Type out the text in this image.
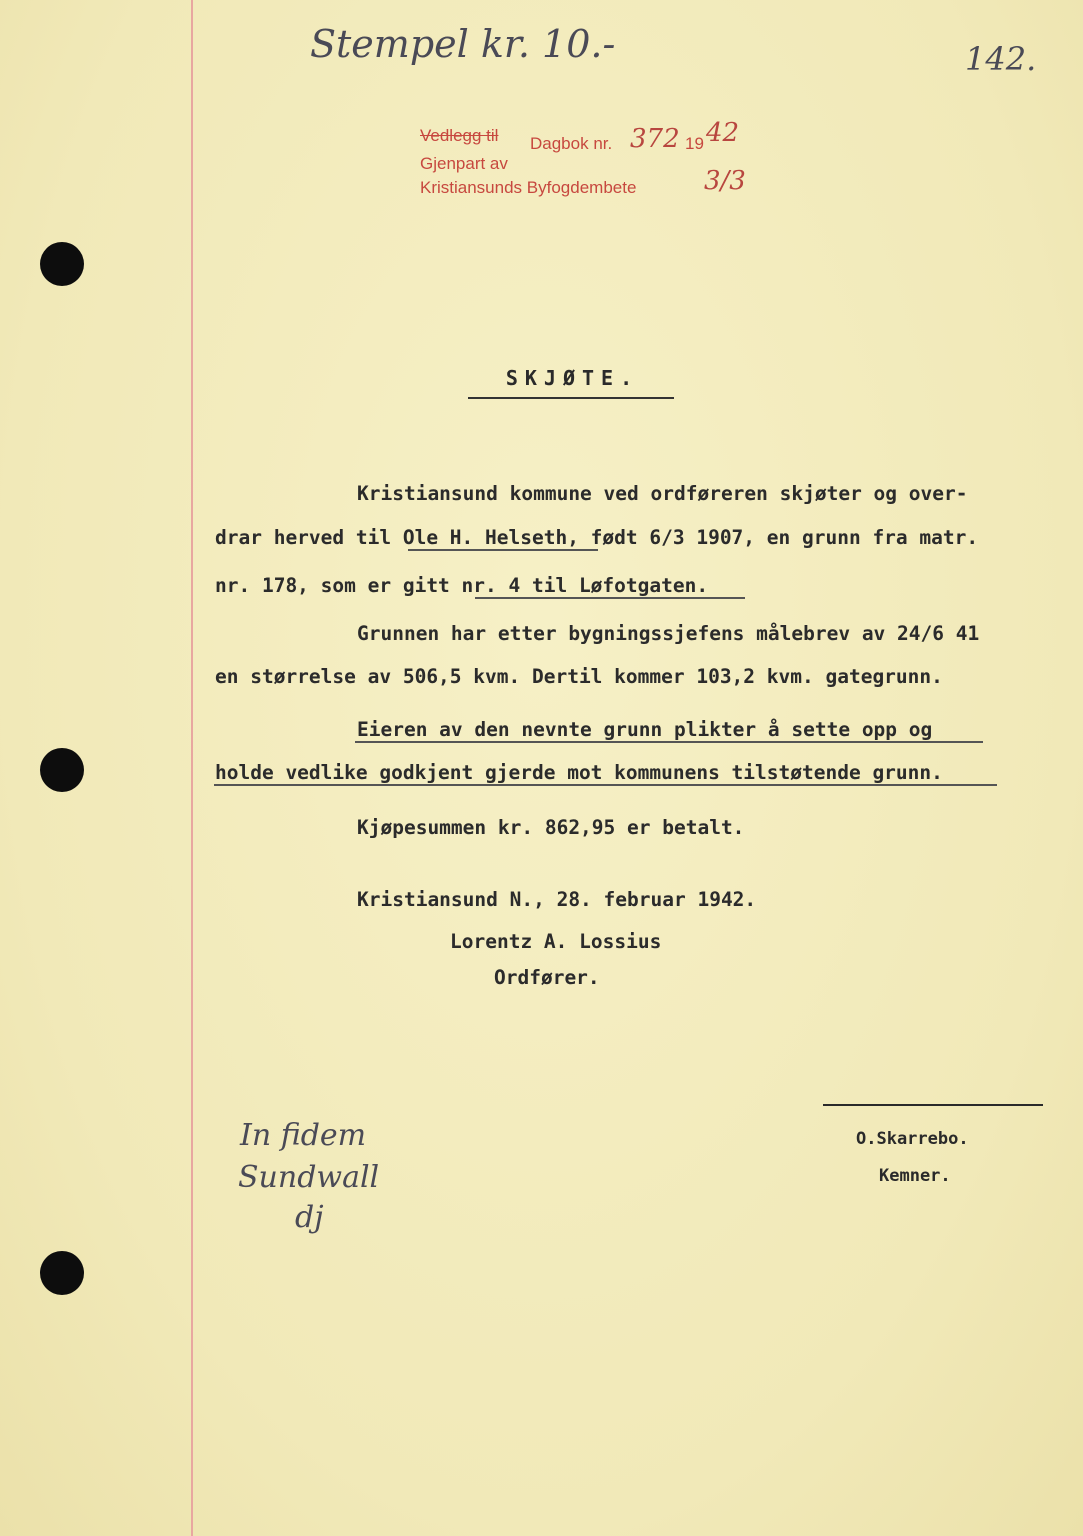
Stempel kr. 10.-	142.
Vedlegg til Dagbok nr. 372 19 42
Gjenpart av
Kristiansunds Byfogdembete	3/3
SKJØTE.
Kristiansund kommune ved ordføreren skjøter og over-
drar herved til Ole H. Helseth, født 6/3 1907, en grunn fra matr.
nr. 178, som er gitt nr. 4 til Løfotgaten.
Grunnen har etter bygningssjefens målebrev av 24/6 41
en størrelse av 506,5 kvm. Dertil kommer 103,2 kvm. gategrunn.
Eieren av den nevnte grunn plikter å sette opp og
holde vedlike godkjent gjerde mot kommunens tilstøtende grunn.
Kjøpesummen kr. 862,95 er betalt.
Kristiansund N., 28. februar 1942.
Lorentz A. Lossius
Ordfører.
In fidem
Sundwall
dj
O.Skarrebo.
Kemner.
